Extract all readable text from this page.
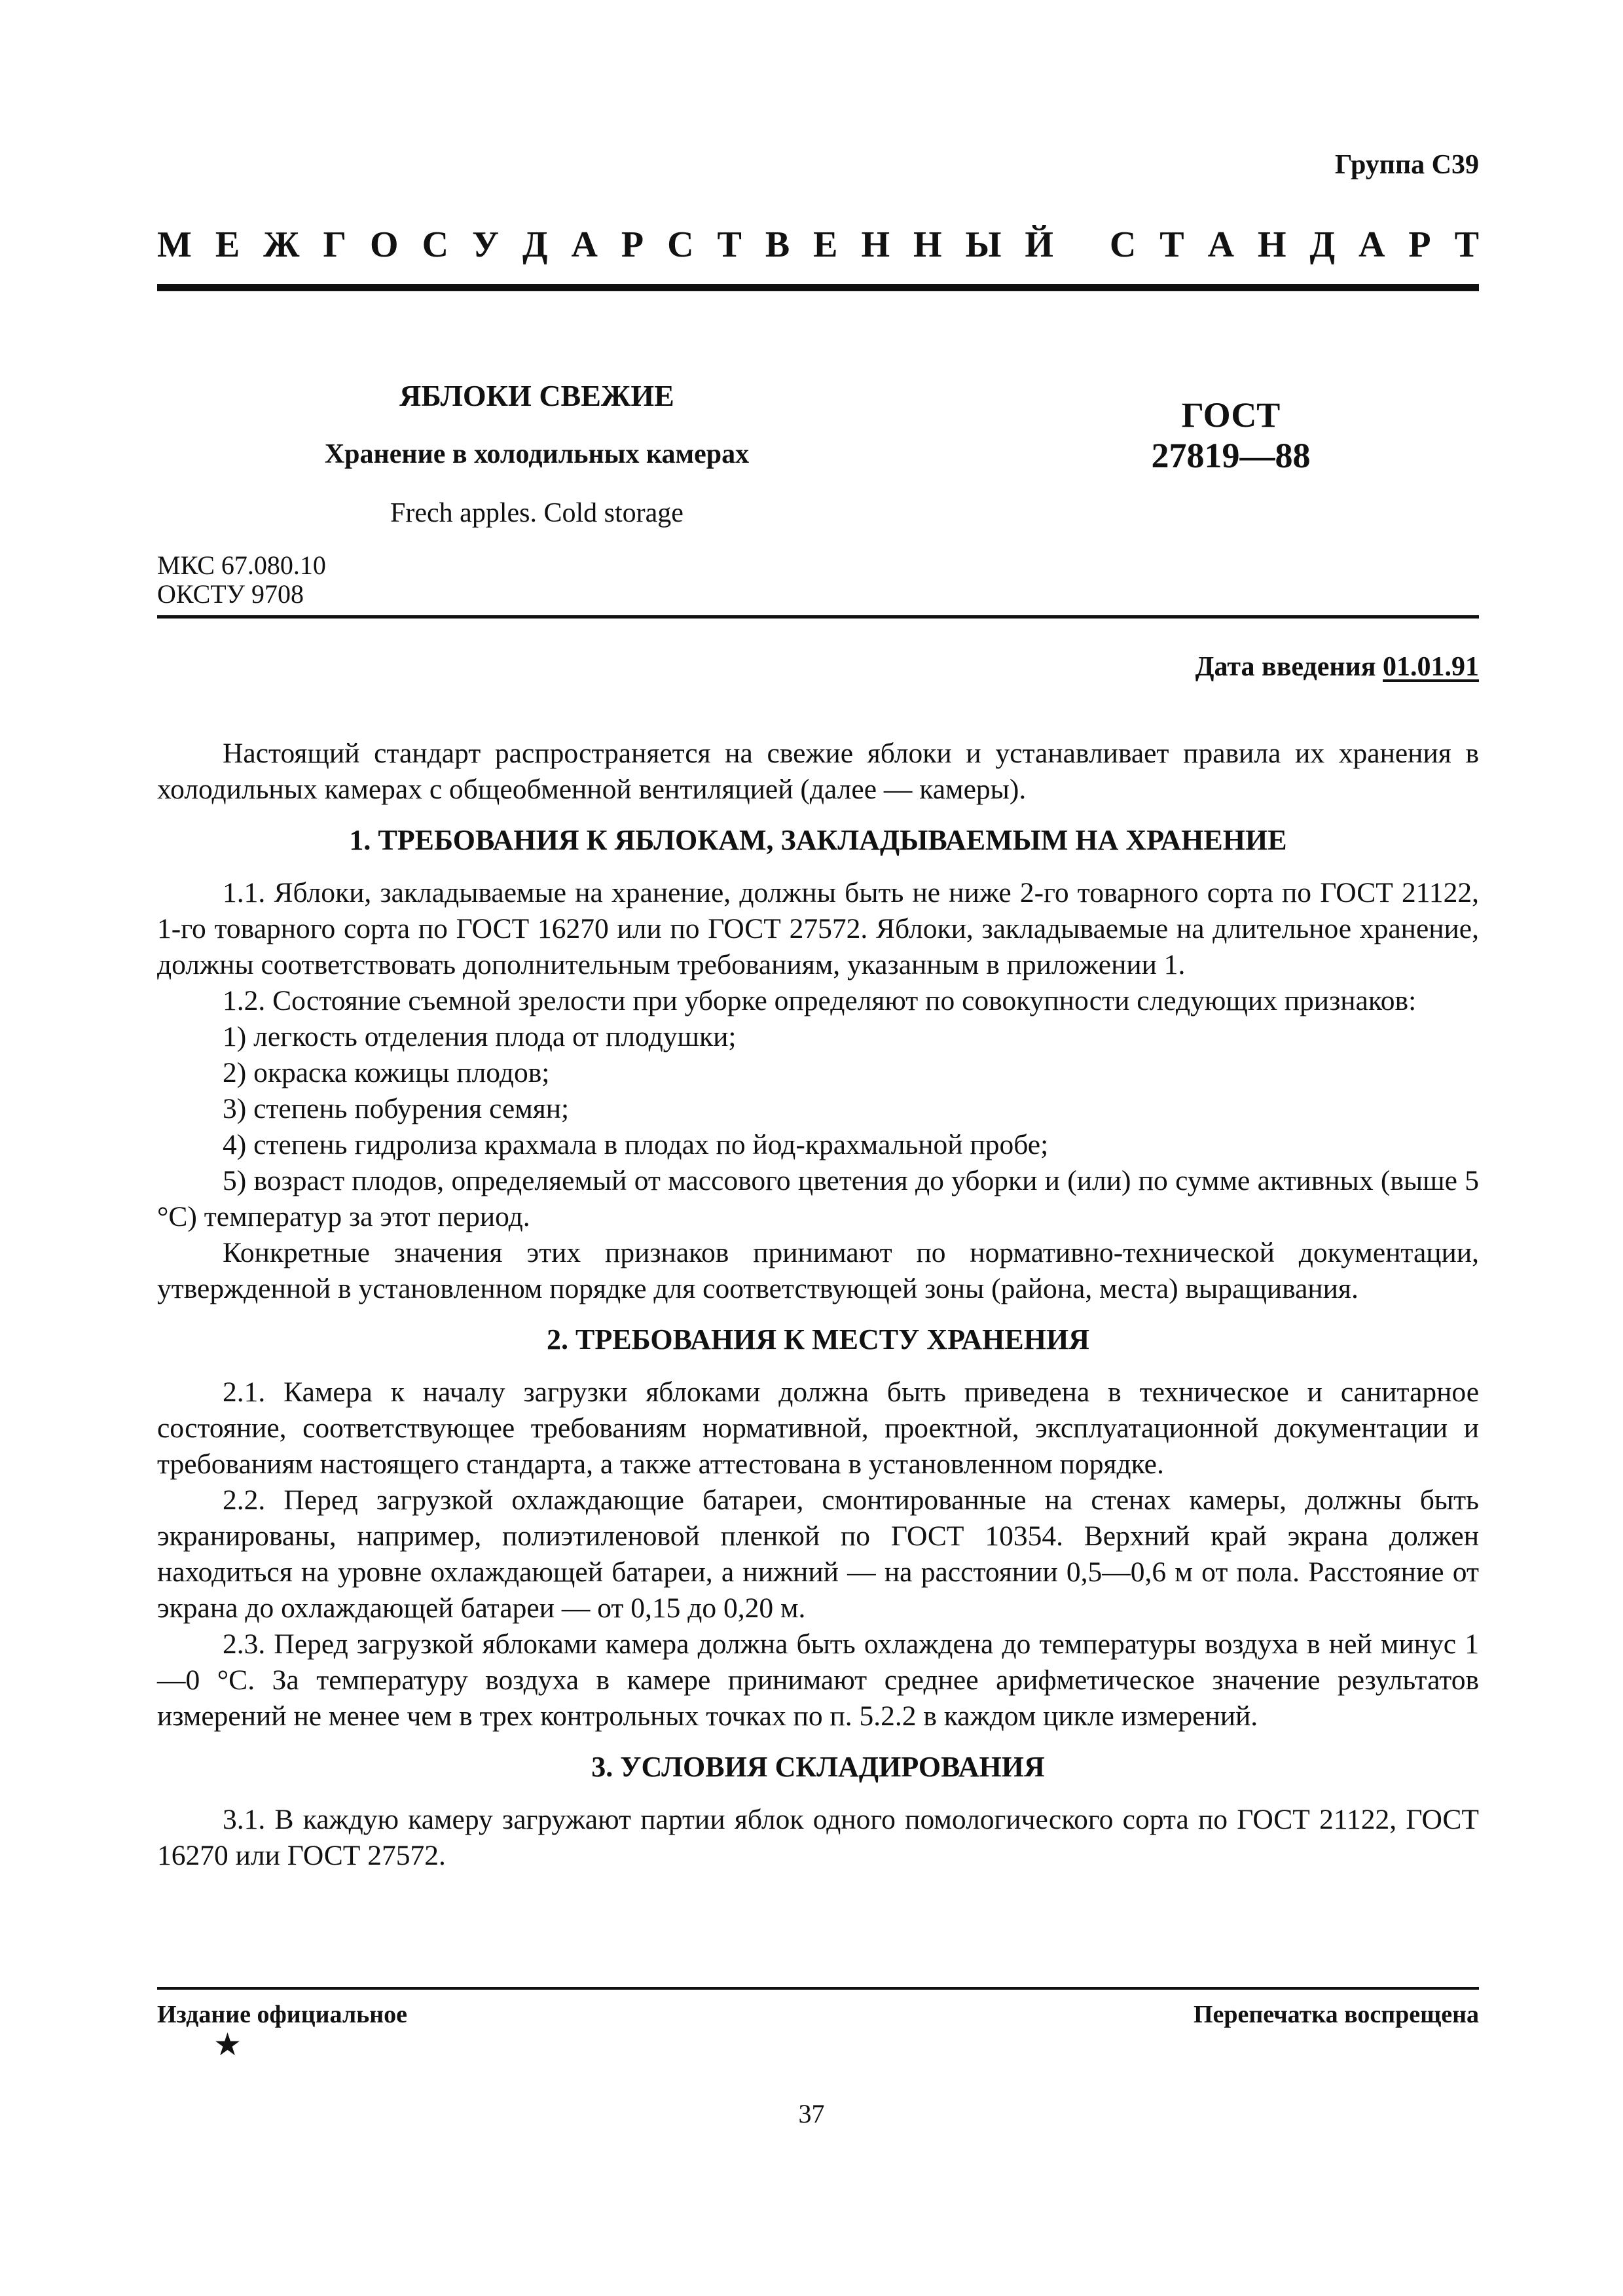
Группа С39
М Е Ж Г О С У Д А Р С Т В Е Н Н Ы Й
С Т А Н Д А Р Т
ЯБЛОКИ СВЕЖИЕ
Хранение в холодильных камерах
Frech apples. Cold storage
ГОСТ
27819—88
МКС 67.080.10
ОКСТУ 9708
Дата введения 01.01.91

Настоящий стандарт распространяется на свежие яблоки и устанавливает правила их хранения в холодильных камерах с общеобменной вентиляцией (далее — камеры).

1. ТРЕБОВАНИЯ К ЯБЛОКАМ, ЗАКЛАДЫВАЕМЫМ НА ХРАНЕНИЕ

1.1. Яблоки, закладываемые на хранение, должны быть не ниже 2-го товарного сорта по ГОСТ 21122, 1-го товарного сорта по ГОСТ 16270 или по ГОСТ 27572. Яблоки, закладываемые на длительное хранение, должны соответствовать дополнительным требованиям, указанным в приложении 1.

1.2. Состояние съемной зрелости при уборке определяют по совокупности следующих признаков:

1) легкость отделения плода от плодушки;

2) окраска кожицы плодов;

3) степень побурения семян;

4) степень гидролиза крахмала в плодах по йод-крахмальной пробе;

5) возраст плодов, определяемый от массового цветения до уборки и (или) по сумме активных (выше 5 °С) температур за этот период.

Конкретные значения этих признаков принимают по нормативно-технической документации, утвержденной в установленном порядке для соответствующей зоны (района, места) выращивания.

2. ТРЕБОВАНИЯ К МЕСТУ ХРАНЕНИЯ

2.1. Камера к началу загрузки яблоками должна быть приведена в техническое и санитарное состояние, соответствующее требованиям нормативной, проектной, эксплуатационной документации и требованиям настоящего стандарта, а также аттестована в установленном порядке.

2.2. Перед загрузкой охлаждающие батареи, смонтированные на стенах камеры, должны быть экранированы, например, полиэтиленовой пленкой по ГОСТ 10354. Верхний край экрана должен находиться на уровне охлаждающей батареи, а нижний — на расстоянии 0,5—0,6 м от пола. Расстояние от экрана до охлаждающей батареи — от 0,15 до 0,20 м.

2.3. Перед загрузкой яблоками камера должна быть охлаждена до температуры воздуха в ней минус 1—0 °С. За температуру воздуха в камере принимают среднее арифметическое значение результатов измерений не менее чем в трех контрольных точках по п. 5.2.2 в каждом цикле измерений.

3. УСЛОВИЯ СКЛАДИРОВАНИЯ

3.1. В каждую камеру загружают партии яблок одного помологического сорта по ГОСТ 21122, ГОСТ 16270 или ГОСТ 27572.

Издание официальное	Перепечатка воспрещена
★
37
